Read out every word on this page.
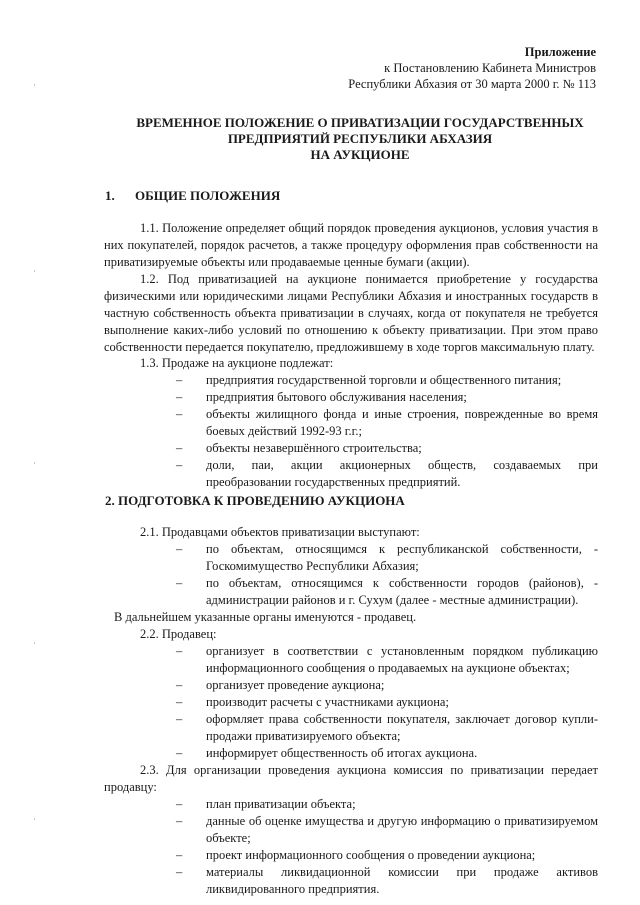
ʻ
ʻ
ʻ
ʻ
ʻ
Приложение
к Постановлению Кабинета Министров
Республики Абхазия от 30 марта 2000 г. № 113
ВРЕМЕННОЕ ПОЛОЖЕНИЕ О ПРИВАТИЗАЦИИ ГОСУДАРСТВЕННЫХ
ПРЕДПРИЯТИЙ РЕСПУБЛИКИ АБХАЗИЯ
НА АУКЦИОНЕ
1. ОБЩИЕ ПОЛОЖЕНИЯ
1.1. Положение определяет общий порядок проведения аукционов, условия участия в них покупателей, порядок расчетов, а также процедуру оформления прав собственности на приватизируемые объекты или продаваемые ценные бумаги (акции).
1.2. Под приватизацией на аукционе понимается приобретение у государства физическими или юридическими лицами Республики Абхазия и иностранных государств в частную собственность объекта приватизации в случаях, когда от покупателя не требуется выполнение каких-либо условий по отношению к объекту приватизации. При этом право собственности передается покупателю, предложившему в ходе торгов максимальную плату.
1.3. Продаже на аукционе подлежат:
–	предприятия государственной торговли и общественного питания;
–	предприятия бытового обслуживания населения;
–	объекты жилищного фонда и иные строения, поврежденные во время боевых действий 1992-93 г.г.;
–	объекты незавершённого строительства;
–	доли, паи, акции акционерных обществ, создаваемых при преобразовании государственных предприятий.
2. ПОДГОТОВКА К ПРОВЕДЕНИЮ АУКЦИОНА
2.1. Продавцами объектов приватизации выступают:
–	по объектам, относящимся к республиканской собственности, - Госкомимущество Республики Абхазия;
–	по объектам, относящимся к собственности городов (районов), - администрации районов и г. Сухум (далее - местные администрации).
В дальнейшем указанные органы именуются - продавец.
2.2. Продавец:
–	организует в соответствии с установленным порядком публикацию информационного сообщения о продаваемых на аукционе объектах;
–	организует проведение аукциона;
–	производит расчеты с участниками аукциона;
–	оформляет права собственности покупателя, заключает договор купли-продажи приватизируемого объекта;
–	информирует общественность об итогах аукциона.
2.3. Для организации проведения аукциона комиссия по приватизации передает продавцу:
–	план приватизации объекта;
–	данные об оценке имущества и другую информацию о приватизируемом объекте;
–	проект информационного сообщения о проведении аукциона;
–	материалы ликвидационной комиссии при продаже активов ликвидированного предприятия.
